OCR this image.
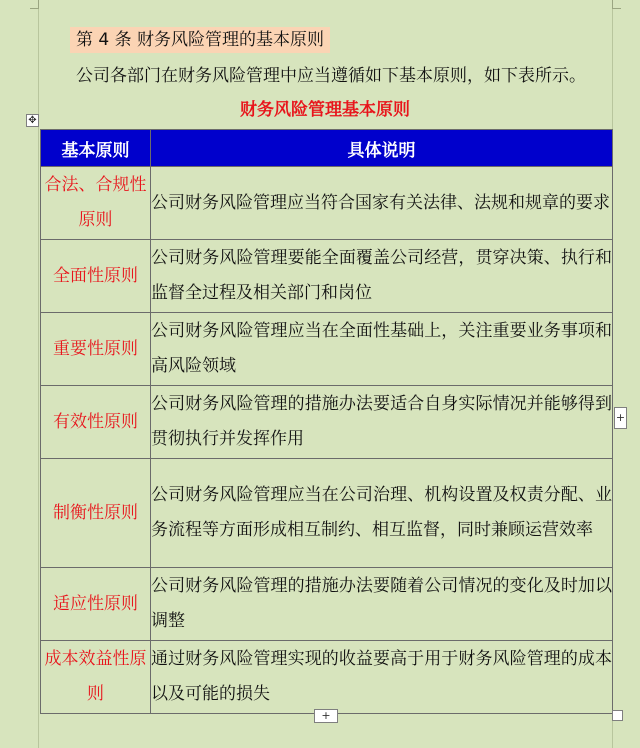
第 4 条 财务风险管理的基本原则
公司各部门在财务风险管理中应当遵循如下基本原则，如下表所示。
财务风险管理基本原则
✥
基本原则	具体说明
合法、合规性原则	公司财务风险管理应当符合国家有关法律、法规和规章的要求
全面性原则	公司财务风险管理要能全面覆盖公司经营，贯穿决策、执行和监督全过程及相关部门和岗位
重要性原则	公司财务风险管理应当在全面性基础上，关注重要业务事项和高风险领域
有效性原则	公司财务风险管理的措施办法要适合自身实际情况并能够得到贯彻执行并发挥作用
制衡性原则	公司财务风险管理应当在公司治理、机构设置及权责分配、业务流程等方面形成相互制约、相互监督，同时兼顾运营效率
适应性原则	公司财务风险管理的措施办法要随着公司情况的变化及时加以调整
成本效益性原则	通过财务风险管理实现的收益要高于用于财务风险管理的成本以及可能的损失
+
+
